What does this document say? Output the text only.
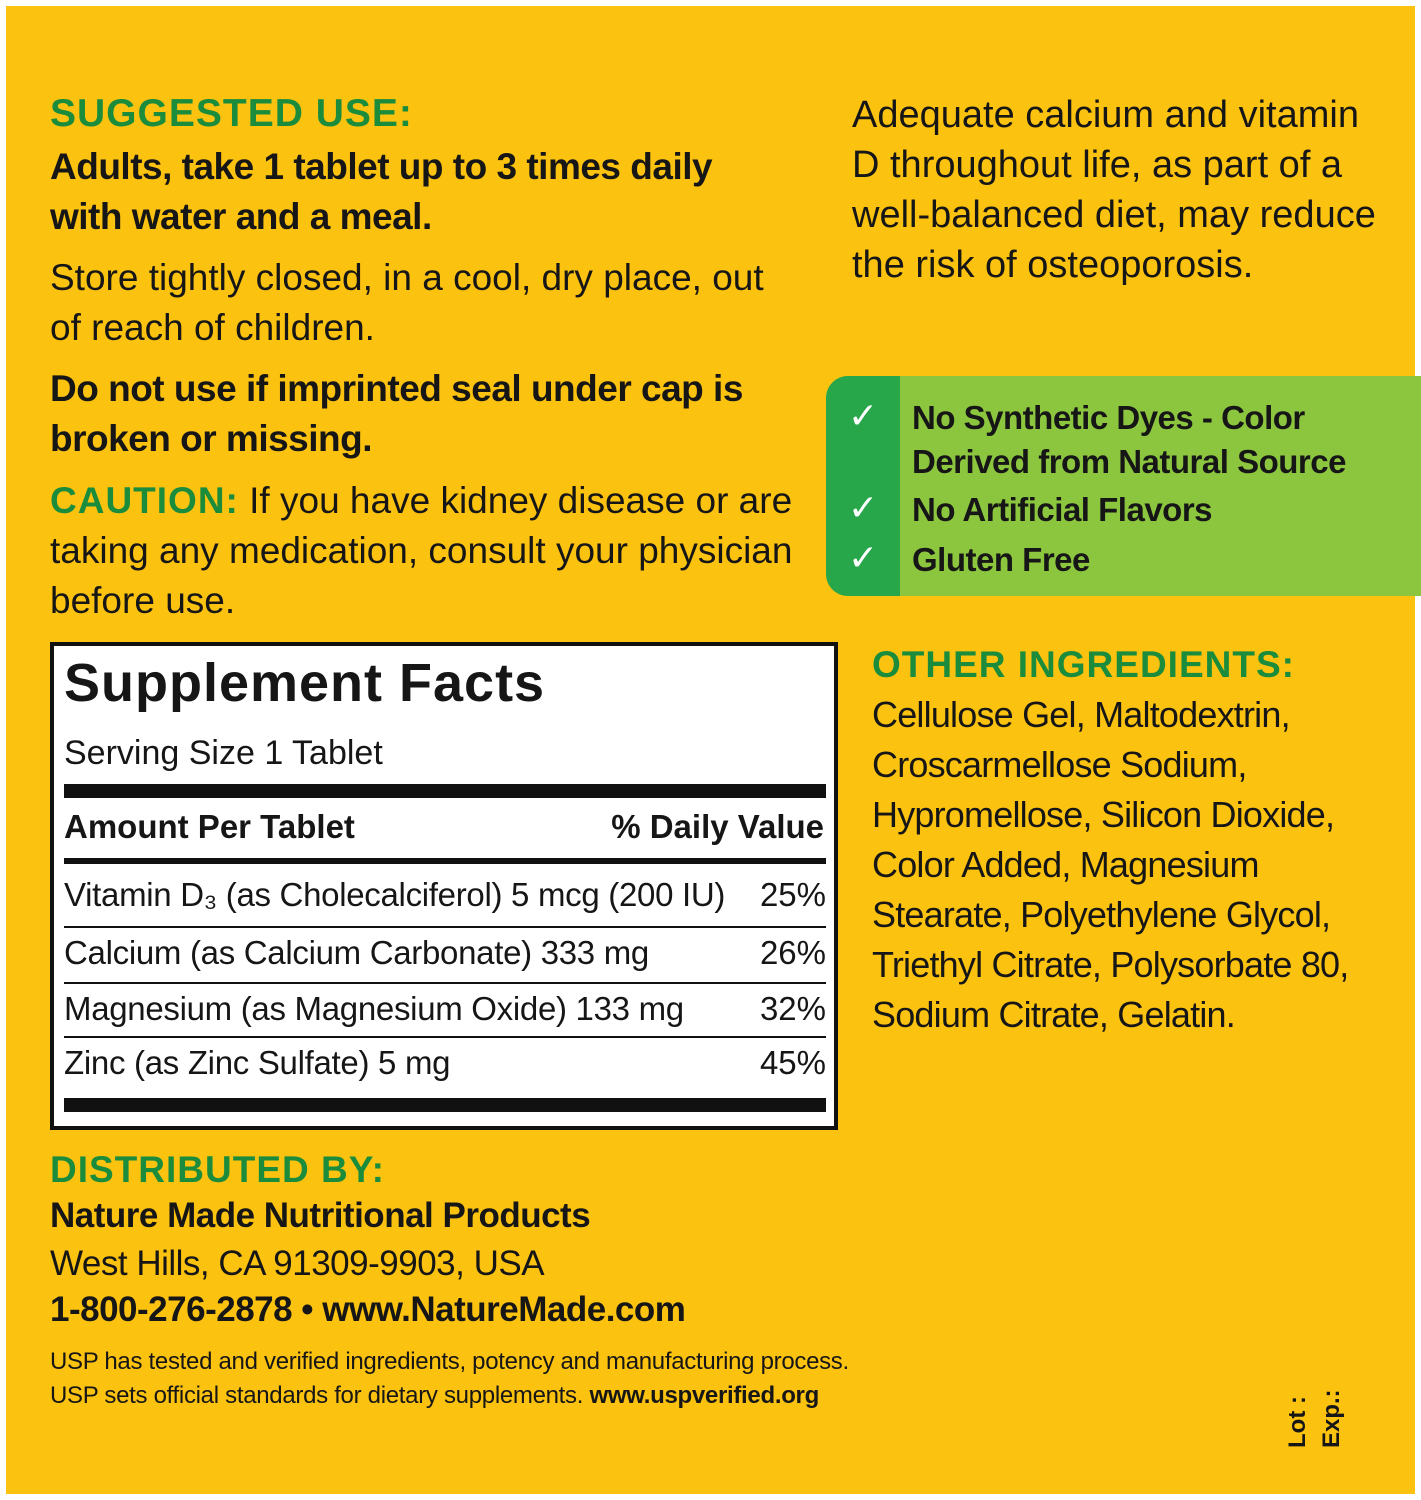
SUGGESTED USE:
Adults, take 1 tablet up to 3 times daily with water and a meal.
Store tightly closed, in a cool, dry place, out of reach of children.
Do not use if imprinted seal under cap is broken or missing.
CAUTION: If you have kidney disease or are taking any medication, consult your physician before use.
Adequate calcium and vitamin D throughout life, as part of a well-balanced diet, may reduce the risk of osteoporosis.
✓ No Synthetic Dyes - Color Derived from Natural Source
✓ No Artificial Flavors
✓ Gluten Free
OTHER INGREDIENTS:
Cellulose Gel, Maltodextrin, Croscarmellose Sodium, Hypromellose, Silicon Dioxide, Color Added, Magnesium Stearate, Polyethylene Glycol, Triethyl Citrate, Polysorbate 80, Sodium Citrate, Gelatin.
Supplement Facts
Serving Size 1 Tablet
Amount Per Tablet	% Daily Value
Vitamin D₃ (as Cholecalciferol) 5 mcg (200 IU) 25%
Calcium (as Calcium Carbonate) 333 mg	26%
Magnesium (as Magnesium Oxide) 133 mg 32%
Zinc (as Zinc Sulfate) 5 mg	45%
DISTRIBUTED BY:
Nature Made Nutritional Products
West Hills, CA 91309-9903, USA
1-800-276-2878 • www.NatureMade.com
USP has tested and verified ingredients, potency and manufacturing process.
USP sets official standards for dietary supplements. www.uspverified.org
Lot : Exp.:
